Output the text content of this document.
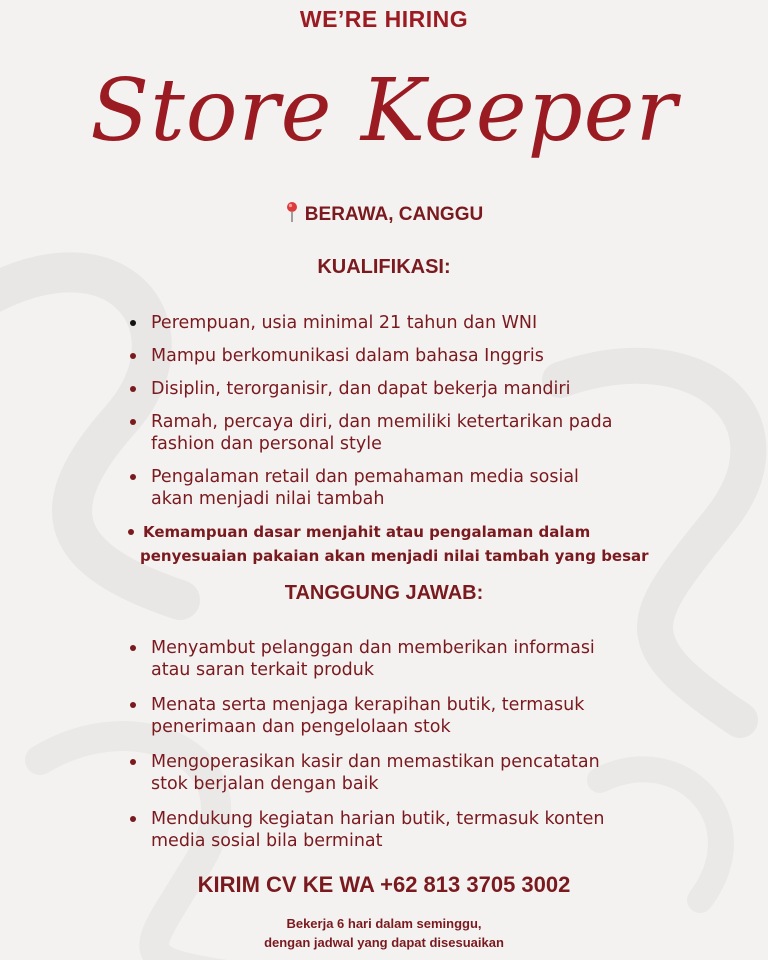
WE’RE HIRING
Store Keeper
BERAWA, CANGGU
KUALIFIKASI:
Perempuan, usia minimal 21 tahun dan WNI
Mampu berkomunikasi dalam bahasa Inggris
Disiplin, terorganisir, dan dapat bekerja mandiri
Ramah, percaya diri, dan memiliki ketertarikan pada
fashion dan personal style
Pengalaman retail dan pemahaman media sosial
akan menjadi nilai tambah
Kemampuan dasar menjahit atau pengalaman dalam
penyesuaian pakaian akan menjadi nilai tambah yang besar
TANGGUNG JAWAB:
Menyambut pelanggan dan memberikan informasi
atau saran terkait produk
Menata serta menjaga kerapihan butik, termasuk
penerimaan dan pengelolaan stok
Mengoperasikan kasir dan memastikan pencatatan
stok berjalan dengan baik
Mendukung kegiatan harian butik, termasuk konten
media sosial bila berminat
KIRIM CV KE WA +62 813 3705 3002
Bekerja 6 hari dalam seminggu,
dengan jadwal yang dapat disesuaikan
